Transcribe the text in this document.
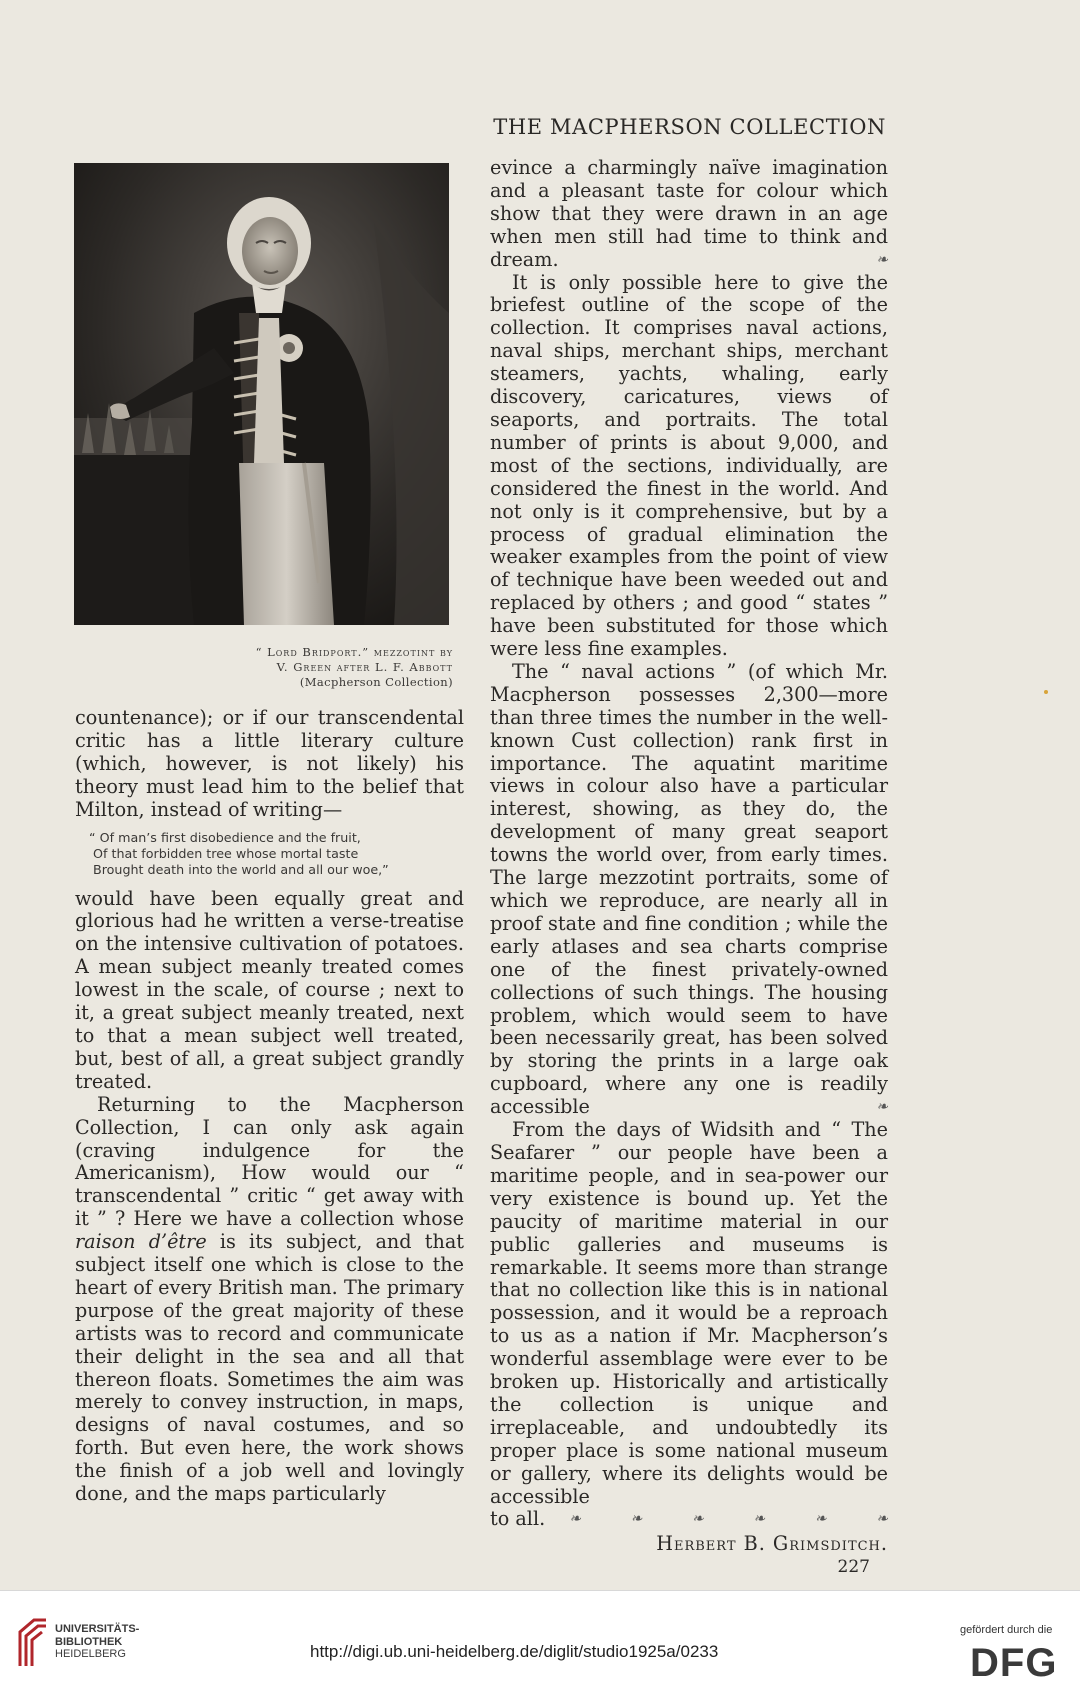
THE MACPHERSON COLLECTION
“ Lord Bridport.” mezzotint by
V. Green after L. F. Abbott
(Macpherson Collection)

countenance); or if our transcendental critic has a little literary culture (which, however, is not likely) his theory must lead him to the belief that Milton, instead of writing—

“ Of man’s first disobedience and the fruit,
Of that forbidden tree whose mortal taste
Brought death into the world and all our woe,”

would have been equally great and glorious had he written a verse-treatise on the intensive cultivation of potatoes. A mean subject meanly treated comes lowest in the scale, of course ; next to it, a great subject meanly treated, next to that a mean subject well treated, but, best of all, a great subject grandly treated.

Returning to the Macpherson Collection, I can only ask again (craving indulgence for the Americanism), How would our “ transcendental ” critic “ get away with it ” ? Here we have a collection whose raison d’être is its subject, and that subject itself one which is close to the heart of every British man. The primary purpose of the great majority of these artists was to record and communicate their delight in the sea and all that thereon floats. Sometimes the aim was merely to convey instruction, in maps, designs of naval costumes, and so forth. But even here, the work shows the finish of a job well and lovingly done, and the maps particularly

evince a charmingly naïve imagination and a pleasant taste for colour which show that they were drawn in an age when men still had time to think and dream.	❧

It is only possible here to give the briefest outline of the scope of the collection. It comprises naval actions, naval ships, merchant ships, merchant steamers, yachts, whaling, early discovery, caricatures, views of seaports, and portraits. The total number of prints is about 9,000, and most of the sections, individually, are considered the finest in the world. And not only is it comprehensive, but by a process of gradual elimination the weaker examples from the point of view of technique have been weeded out and replaced by others ; and good “ states ” have been substituted for those which were less fine examples.

The “ naval actions ” (of which Mr. Macpherson possesses 2,300—more than three times the number in the well-known Cust collection) rank first in importance. The aquatint maritime views in colour also have a particular interest, showing, as they do, the development of many great seaport towns the world over, from early times. The large mezzotint portraits, some of which we reproduce, are nearly all in proof state and fine condition ; while the early atlases and sea charts comprise one of the finest privately-owned collections of such things. The housing problem, which would seem to have been necessarily great, has been solved by storing the prints in a large oak cupboard, where any one is readily accessible	❧

From the days of Widsith and “ The Seafarer ” our people have been a maritime people, and in sea-power our very existence is bound up. Yet the paucity of maritime material in our public galleries and museums is remarkable. It seems more than strange that no collection like this is in national possession, and it would be a reproach to us as a nation if Mr. Macpherson’s wonderful assemblage were ever to be broken up. Historically and artistically the collection is unique and irreplaceable, and undoubtedly its proper place is some national museum or gallery, where its delights would be accessible

to all. ❧	❧	❧	❧	❧	❧

Herbert B. Grimsditch.

227

UNIVERSITÄTS-
BIBLIOTHEK
HEIDELBERG	http://digi.ub.uni-heidelberg.de/diglit/studio1925a/0233
gefördert durch die
DFG
